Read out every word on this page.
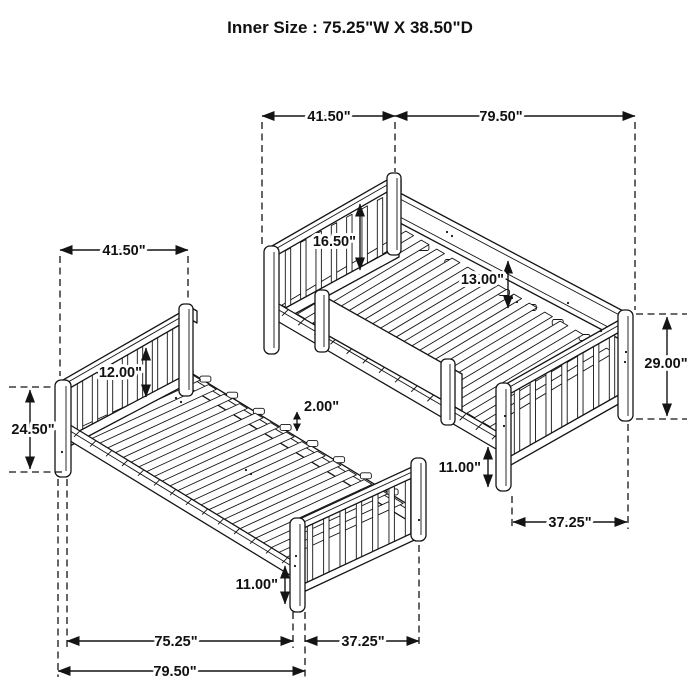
Inner Size : 75.25"W X 38.50"D
41.50"	79.50"
16.50"
13.00"
29.00"
11.00"
37.25"
41.50"
12.00"
24.50"
2.00"
11.00"
75.25"	37.25"
79.50"
